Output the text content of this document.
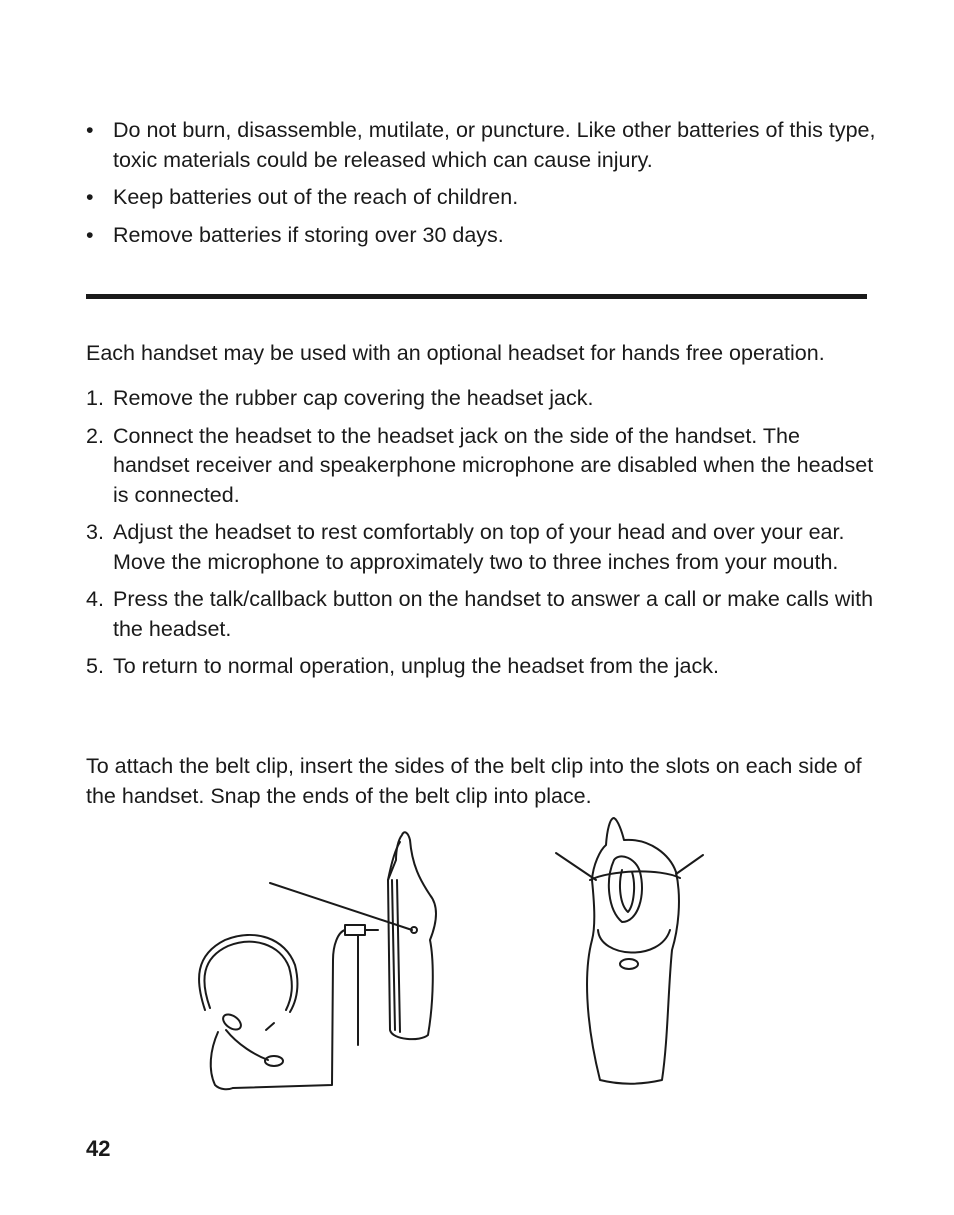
• Do not burn, disassemble, mutilate, or puncture. Like other batteries of this type, toxic materials could be released which can cause injury.
• Keep batteries out of the reach of children.
• Remove batteries if storing over 30 days.

Each handset may be used with an optional headset for hands free operation.

1. Remove the rubber cap covering the headset jack.
2. Connect the headset to the headset jack on the side of the handset. The handset receiver and speakerphone microphone are disabled when the headset is connected.
3. Adjust the headset to rest comfortably on top of your head and over your ear. Move the microphone to approximately two to three inches from your mouth.
4. Press the talk/callback button on the handset to answer a call or make calls with the headset.
5. To return to normal operation, unplug the headset from the jack.

To attach the belt clip, insert the sides of the belt clip into the slots on each side of the handset. Snap the ends of the belt clip into place.

42
